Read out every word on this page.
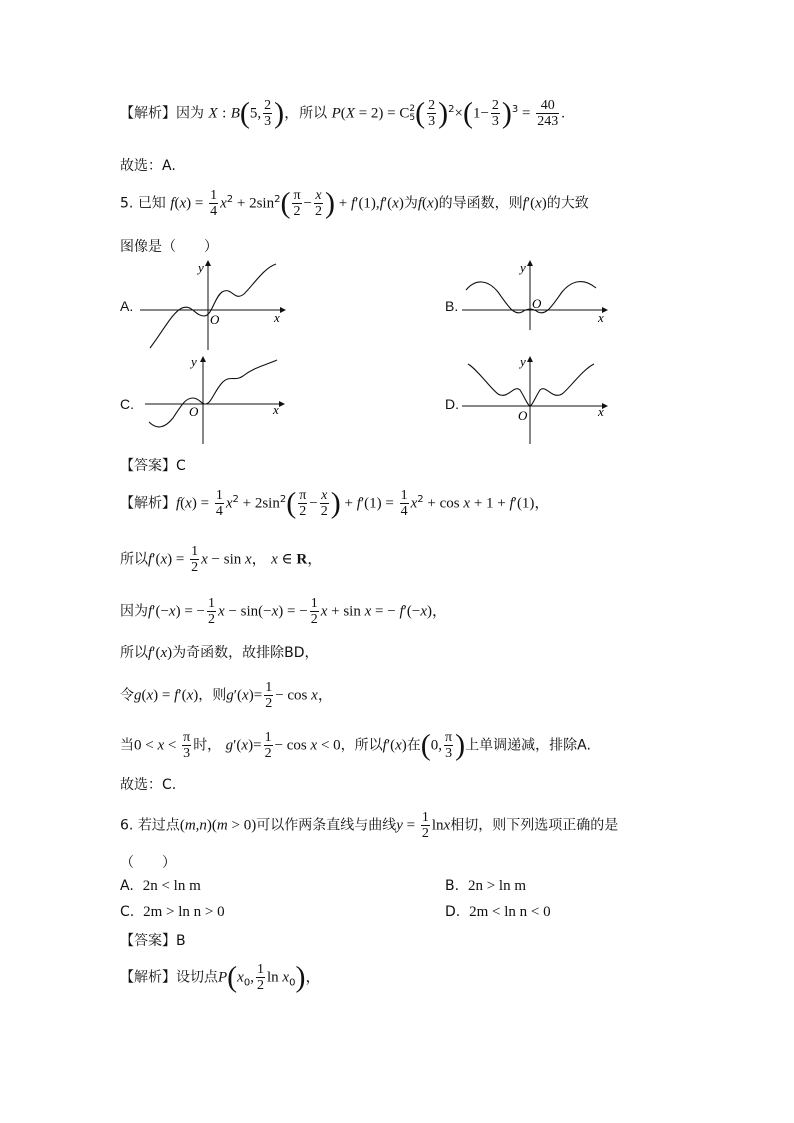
【解析】因为 X : B(5, $\frac{2}{3}$ )，所以 P(X = 2) = C 2
5 ( $\frac{2}{3} )^2\times(1- \frac{2}{3} )^3 = \frac{40}{243}$ .
故选：A.
5. 已知 $f(x) = \frac{1}{4} x^2 + 2\sin^2( \frac{\pi}{2} - \frac{x}{2}$ ) + f′(1),f′(x)为f(x)的导函数，则f′(x)的大致
图像是（　　）
A.
y
x
O
B.
y
x
O
C.
y
x
O	D.
y
x
O
【答案】C
【解析】$f(x) = \frac{1}{4} x^2 + 2\sin^2( \frac{\pi}{2} - \frac{x}{2}$ ) + $f'(1) = \frac{1}{4} x^2 + \cos x + 1 + f'(1)$，
所以$f'(x) = \frac{1}{2}$ x − sin x， x ∈ R，
因为f′(−x) = − $\frac{1}{2}$ x − sin(−x) = − $\frac{1}{2}$ x + sin x = − f′(−x)，
所以f′(x)为奇函数，故排除BD，
令g(x) = f′(x)，则$g'(x)= \frac{1}{2} - \cos x$，
当$0 < x < \frac{\pi}{3}$ 时， $g'(x)= \frac{1}{2} - \cos x < 0$，所以f′(x)在(0, $\frac{\pi}{3}$ )上单调递减，排除A.
故选：C.
6. 若过点(m,n)(m > 0)可以作两条直线与曲线$y = \frac{1}{2}$ lnx相切，则下列选项正确的是
（　　）
A. 2n < ln m	B. 2n > ln m
C. 2m > ln n > 0	D. 2m < ln n < 0
【答案】B
【解析】设切点$P(x_0$, $\frac{1}{2}$ $\ln x_0$)，
